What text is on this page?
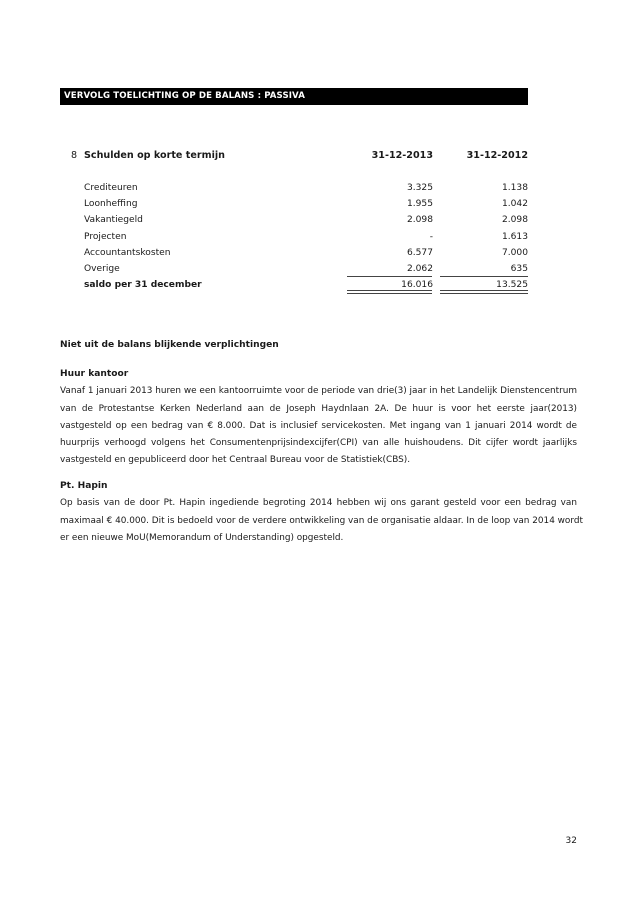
VERVOLG TOELICHTING OP DE BALANS : PASSIVA
8 Schulden op korte termijn	31-12-2013	31-12-2012
Crediteuren	3.325	1.138
Loonheffing	1.955	1.042
Vakantiegeld	2.098	2.098
Projecten	-	1.613
Accountantskosten	6.577	7.000
Overige	2.062	635
saldo per 31 december	16.016	13.525
Niet uit de balans blijkende verplichtingen
Huur kantoor
Vanaf 1 januari 2013 huren we een kantoorruimte voor de periode van drie(3) jaar in het Landelijk Dienstencentrum
van de Protestantse Kerken Nederland aan de Joseph Haydnlaan 2A. De huur is voor het eerste jaar(2013)
vastgesteld op een bedrag van € 8.000. Dat is inclusief servicekosten. Met ingang van 1 januari 2014 wordt de
huurprijs verhoogd volgens het Consumentenprijsindexcijfer(CPI) van alle huishoudens. Dit cijfer wordt jaarlijks
vastgesteld en gepubliceerd door het Centraal Bureau voor de Statistiek(CBS).
Pt. Hapin
Op basis van de door Pt. Hapin ingediende begroting 2014 hebben wij ons garant gesteld voor een bedrag van
maximaal € 40.000. Dit is bedoeld voor de verdere ontwikkeling van de organisatie aldaar. In de loop van 2014 wordt
er een nieuwe MoU(Memorandum of Understanding) opgesteld.
32
